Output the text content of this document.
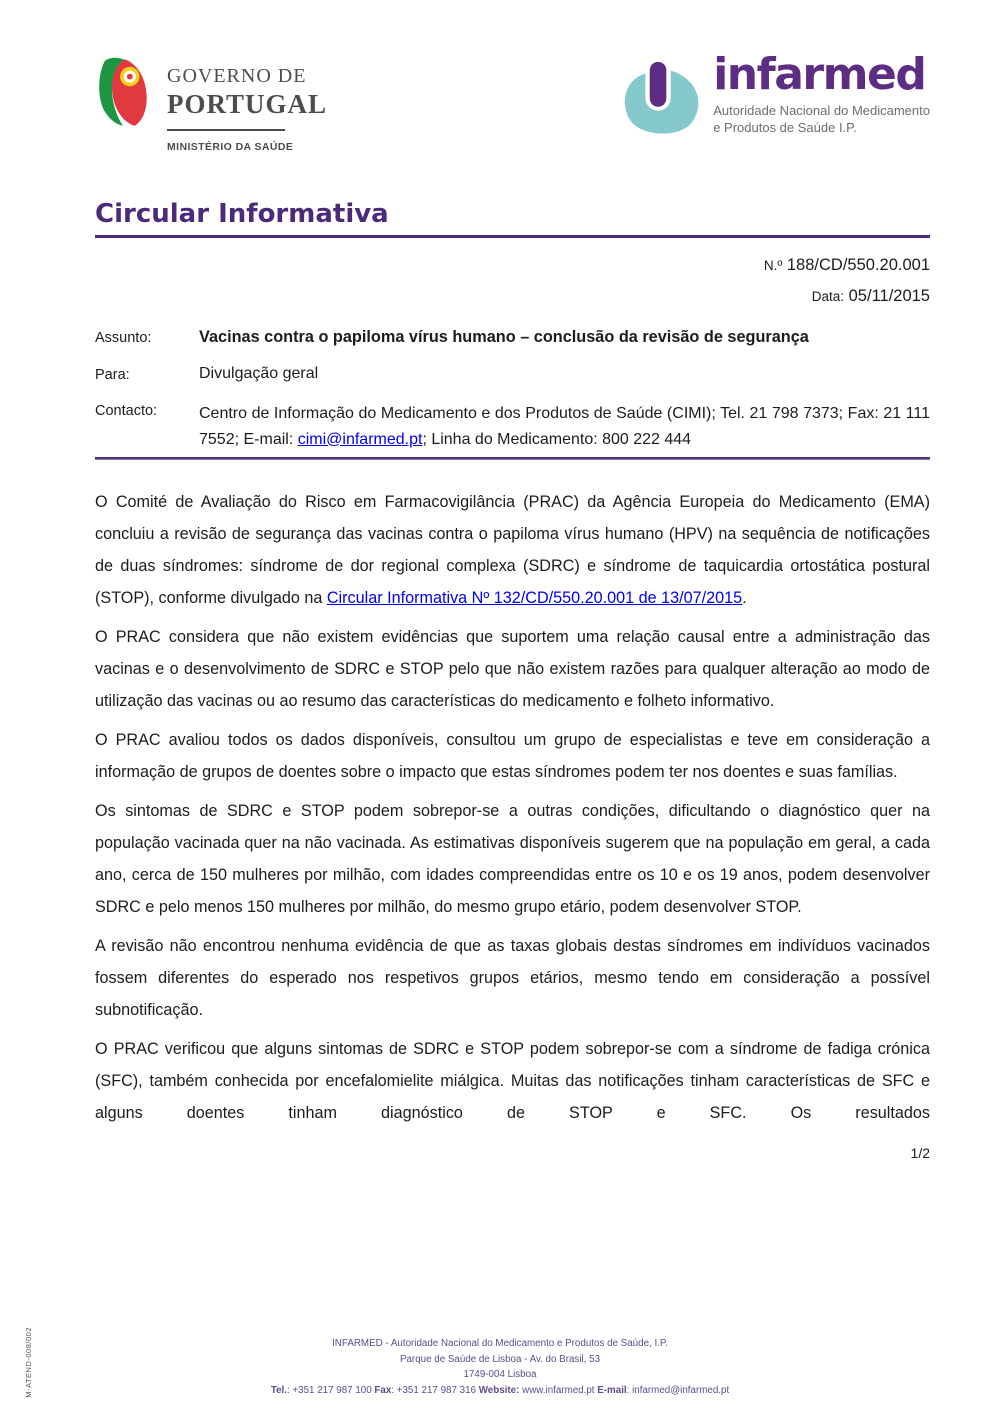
GOVERNO DE
PORTUGAL
MINISTÉRIO DA SAÚDE
infarmed
Autoridade Nacional do Medicamento
e Produtos de Saúde I.P.
Circular Informativa
N.º 188/CD/550.20.001
Data: 05/11/2015
Assunto:	Vacinas contra o papiloma vírus humano – conclusão da revisão de segurança
Para:	Divulgação geral
Contacto:	Centro de Informação do Medicamento e dos Produtos de Saúde (CIMI); Tel. 21 798 7373; Fax: 21 111 7552; E-mail: cimi@infarmed.pt; Linha do Medicamento: 800 222 444

O Comité de Avaliação do Risco em Farmacovigilância (PRAC) da Agência Europeia do Medicamento (EMA) concluiu a revisão de segurança das vacinas contra o papiloma vírus humano (HPV) na sequência de notificações de duas síndromes: síndrome de dor regional complexa (SDRC) e síndrome de taquicardia ortostática postural (STOP), conforme divulgado na Circular Informativa Nº 132/CD/550.20.001 de 13/07/2015.

O PRAC considera que não existem evidências que suportem uma relação causal entre a administração das vacinas e o desenvolvimento de SDRC e STOP pelo que não existem razões para qualquer alteração ao modo de utilização das vacinas ou ao resumo das características do medicamento e folheto informativo.

O PRAC avaliou todos os dados disponíveis, consultou um grupo de especialistas e teve em consideração a informação de grupos de doentes sobre o impacto que estas síndromes podem ter nos doentes e suas famílias.

Os sintomas de SDRC e STOP podem sobrepor-se a outras condições, dificultando o diagnóstico quer na população vacinada quer na não vacinada. As estimativas disponíveis sugerem que na população em geral, a cada ano, cerca de 150 mulheres por milhão, com idades compreendidas entre os 10 e os 19 anos, podem desenvolver SDRC e pelo menos 150 mulheres por milhão, do mesmo grupo etário, podem desenvolver STOP.

A revisão não encontrou nenhuma evidência de que as taxas globais destas síndromes em indivíduos vacinados fossem diferentes do esperado nos respetivos grupos etários, mesmo tendo em consideração a possível subnotificação.

O PRAC verificou que alguns sintomas de SDRC e STOP podem sobrepor-se com a síndrome de fadiga crónica (SFC), também conhecida por encefalomielite miálgica. Muitas das notificações tinham características de SFC e alguns doentes tinham diagnóstico de STOP e SFC. Os resultados

1/2
INFARMED - Autoridade Nacional do Medicamento e Produtos de Saúde, I.P.
Parque de Saúde de Lisboa - Av. do Brasil, 53
1749-004 Lisboa
Tel.: +351 217 987 100 Fax: +351 217 987 316 Website: www.infarmed.pt E-mail: infarmed@infarmed.pt
M-ATEND-008/002
